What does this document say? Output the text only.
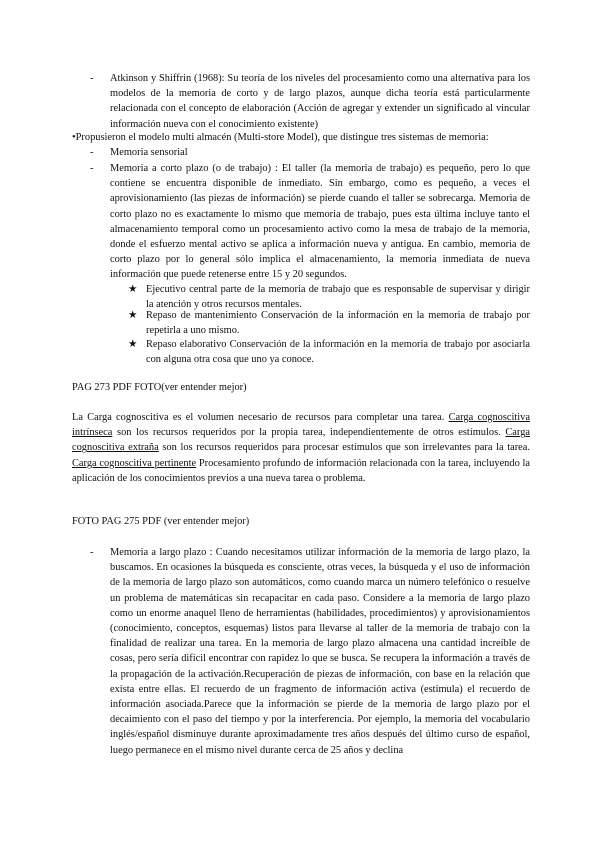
- Atkinson y Shiffrin (1968): Su teoría de los niveles del procesamiento como una alternativa para los modelos de la memoria de corto y de largo plazos, aunque dicha teoría está particularmente relacionada con el concepto de elaboración (Acción de agregar y extender un significado al vincular información nueva con el conocimiento existente)
•Propusieron el modelo multi almacén (Multi-store Model), que distingue tres sistemas de memoria:
- Memoria sensorial
- Memoria a corto plazo (o de trabajo) : El taller (la memoria de trabajo) es pequeño, pero lo que contiene se encuentra disponible de inmediato. Sin embargo, como es pequeño, a veces el aprovisionamiento (las piezas de información) se pierde cuando el taller se sobrecarga. Memoria de corto plazo no es exactamente lo mismo que memoria de trabajo, pues esta última incluye tanto el almacenamiento temporal como un procesamiento activo como la mesa de trabajo de la memoria, donde el esfuerzo mental activo se aplica a información nueva y antigua. En cambio, memoria de corto plazo por lo general sólo implica el almacenamiento, la memoria inmediata de nueva información que puede retenerse entre 15 y 20 segundos.
★ Ejecutivo central parte de la memoria de trabajo que es responsable de supervisar y dirigir la atención y otros recursos mentales.
★ Repaso de mantenimiento Conservación de la información en la memoria de trabajo por repetirla a uno mismo.
★ Repaso elaborativo Conservación de la información en la memoria de trabajo por asociarla con alguna otra cosa que uno ya conoce.
PAG 273 PDF FOTO(ver entender mejor)
La Carga cognoscitiva es el volumen necesario de recursos para completar una tarea. Carga cognoscitiva intrínseca son los recursos requeridos por la propia tarea, independientemente de otros estímulos. Carga cognoscitiva extraña son los recursos requeridos para procesar estímulos que son irrelevantes para la tarea. Carga cognoscitiva pertinente Procesamiento profundo de información relacionada con la tarea, incluyendo la aplicación de los conocimientos previos a una nueva tarea o problema.
FOTO PAG 275 PDF (ver entender mejor)
- Memoria a largo plazo : Cuando necesitamos utilizar información de la memoria de largo plazo, la buscamos. En ocasiones la búsqueda es consciente, otras veces, la búsqueda y el uso de información de la memoria de largo plazo son automáticos, como cuando marca un número telefónico o resuelve un problema de matemáticas sin recapacitar en cada paso. Considere a la memoria de largo plazo como un enorme anaquel lleno de herramientas (habilidades, procedimientos) y aprovisionamientos (conocimiento, conceptos, esquemas) listos para llevarse al taller de la memoria de trabajo con la finalidad de realizar una tarea. En la memoria de largo plazo almacena una cantidad increíble de cosas, pero sería difícil encontrar con rapidez lo que se busca. Se recupera la información a través de la propagación de la activación.Recuperación de piezas de información, con base en la relación que exista entre ellas. El recuerdo de un fragmento de información activa (estimula) el recuerdo de información asociada.Parece que la información se pierde de la memoria de largo plazo por el decaimiento con el paso del tiempo y por la interferencia. Por ejemplo, la memoria del vocabulario inglés/español disminuye durante aproximadamente tres años después del último curso de español, luego permanece en el mismo nivel durante cerca de 25 años y declina
